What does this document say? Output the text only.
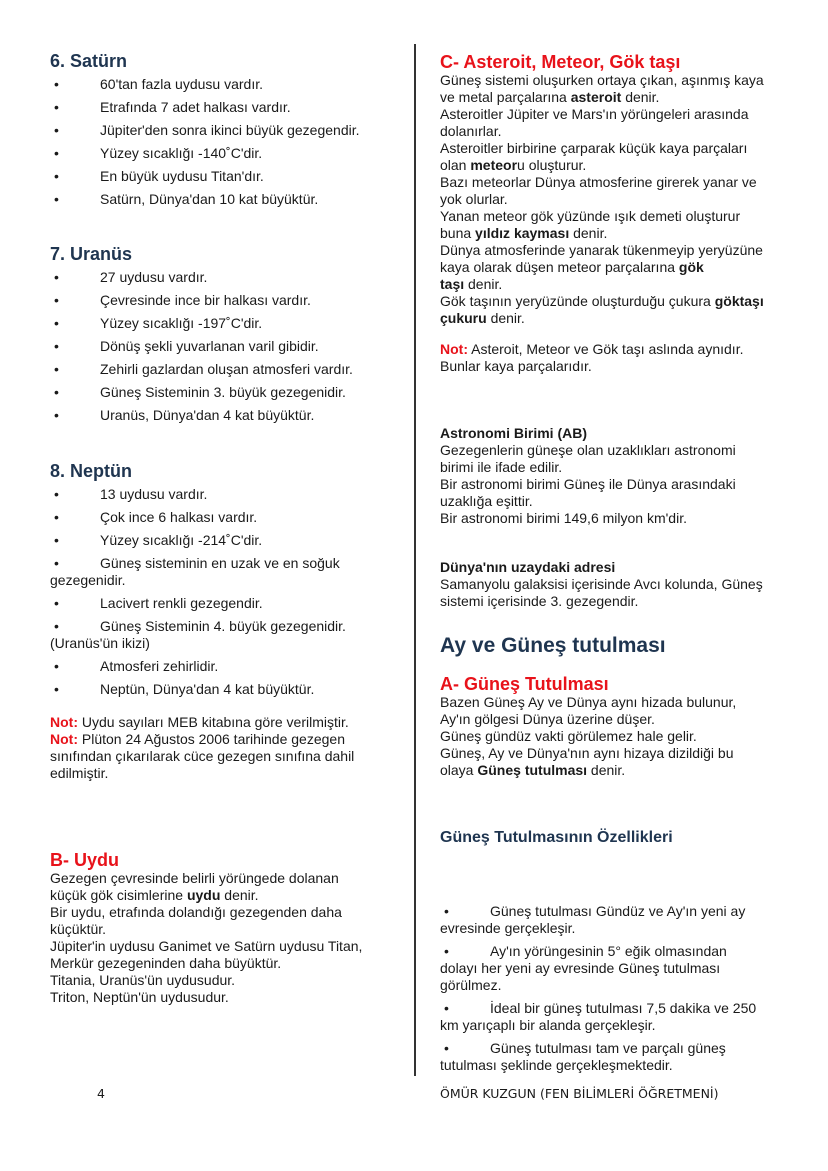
6. Satürn
•	60'tan fazla uydusu vardır.
•	Etrafında 7 adet halkası vardır.
•	Jüpiter'den sonra ikinci büyük gezegendir.
•	Yüzey sıcaklığı -140˚C'dir.
•	En büyük uydusu Titan'dır.
•	Satürn, Dünya'dan 10 kat büyüktür.
7. Uranüs
•	27 uydusu vardır.
•	Çevresinde ince bir halkası vardır.
•	Yüzey sıcaklığı -197˚C'dir.
•	Dönüş şekli yuvarlanan varil gibidir.
•	Zehirli gazlardan oluşan atmosferi vardır.
•	Güneş Sisteminin 3. büyük gezegenidir.
•	Uranüs, Dünya'dan 4 kat büyüktür.
8. Neptün
•	13 uydusu vardır.
•	Çok ince 6 halkası vardır.
•	Yüzey sıcaklığı -214˚C'dir.
•	Güneş sisteminin en uzak ve en soğuk
gezegenidir.
•	Lacivert renkli gezegendir.
•	Güneş Sisteminin 4. büyük gezegenidir.
(Uranüs'ün ikizi)
•	Atmosferi zehirlidir.
•	Neptün, Dünya'dan 4 kat büyüktür.
Not: Uydu sayıları MEB kitabına göre verilmiştir.
Not: Plüton 24 Ağustos 2006 tarihinde gezegen
sınıfından çıkarılarak cüce gezegen sınıfına dahil
edilmiştir.
B- Uydu
Gezegen çevresinde belirli yörüngede dolanan
küçük gök cisimlerine uydu denir.
Bir uydu, etrafında dolandığı gezegenden daha
küçüktür.
Jüpiter'in uydusu Ganimet ve Satürn uydusu Titan,
Merkür gezegeninden daha büyüktür.
Titania, Uranüs'ün uydusudur.
Triton, Neptün'ün uydusudur.
C- Asteroit, Meteor, Gök taşı
Güneş sistemi oluşurken ortaya çıkan, aşınmış kaya
ve metal parçalarına asteroit denir.
Asteroitler Jüpiter ve Mars'ın yörüngeleri arasında
dolanırlar.
Asteroitler birbirine çarparak küçük kaya parçaları
olan meteoru oluşturur.
Bazı meteorlar Dünya atmosferine girerek yanar ve
yok olurlar.
Yanan meteor gök yüzünde ışık demeti oluşturur
buna yıldız kayması denir.
Dünya atmosferinde yanarak tükenmeyip yeryüzüne
kaya olarak düşen meteor parçalarına gök
taşı denir.
Gök taşının yeryüzünde oluşturduğu çukura göktaşı
çukuru denir.
Not: Asteroit, Meteor ve Gök taşı aslında aynıdır.
Bunlar kaya parçalarıdır.
Astronomi Birimi (AB)
Gezegenlerin güneşe olan uzaklıkları astronomi
birimi ile ifade edilir.
Bir astronomi birimi Güneş ile Dünya arasındaki
uzaklığa eşittir.
Bir astronomi birimi 149,6 milyon km'dir.
Dünya'nın uzaydaki adresi
Samanyolu galaksisi içerisinde Avcı kolunda, Güneş
sistemi içerisinde 3. gezegendir.
Ay ve Güneş tutulması
A- Güneş Tutulması
Bazen Güneş Ay ve Dünya aynı hizada bulunur,
Ay'ın gölgesi Dünya üzerine düşer.
Güneş gündüz vakti görülemez hale gelir.
Güneş, Ay ve Dünya'nın aynı hizaya dizildiği bu
olaya Güneş tutulması denir.
Güneş Tutulmasının Özellikleri
•	Güneş tutulması Gündüz ve Ay'ın yeni ay
evresinde gerçekleşir.
•	Ay'ın yörüngesinin 5° eğik olmasından
dolayı her yeni ay evresinde Güneş tutulması
görülmez.
•	İdeal bir güneş tutulması 7,5 dakika ve 250
km yarıçaplı bir alanda gerçekleşir.
•	Güneş tutulması tam ve parçalı güneş
tutulması şeklinde gerçekleşmektedir.
4	ÖMÜR KUZGUN (FEN BİLİMLERİ ÖĞRETMENİ)
